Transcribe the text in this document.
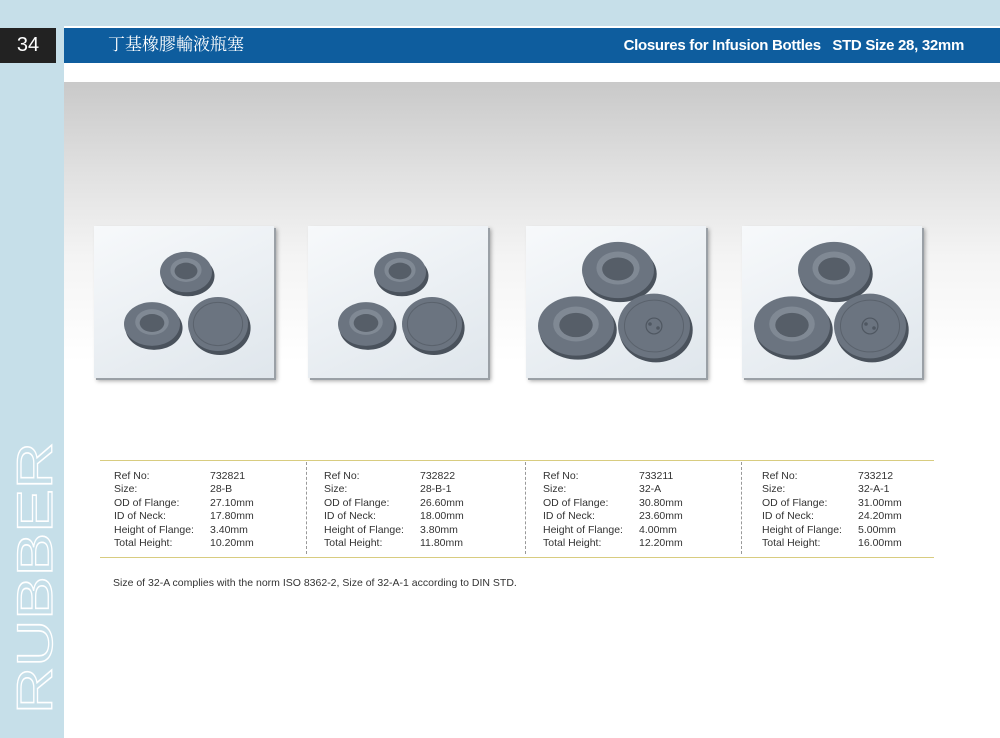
34	丁基橡膠輸液瓶塞	Closures for Infusion Bottles STD Size 28, 32mm
RUBBER
Ref No:	732821
Size:	28-B
OD of Flange:	27.10mm
ID of Neck:	17.80mm
Height of Flange: 3.40mm
Total Height:	10.20mm
Ref No:	732822
Size:	28-B-1
OD of Flange:	26.60mm
ID of Neck:	18.00mm
Height of Flange: 3.80mm
Total Height:	11.80mm
Ref No:	733211
Size:	32-A
OD of Flange:	30.80mm
ID of Neck:	23.60mm
Height of Flange: 4.00mm
Total Height:	12.20mm
Ref No:	733212
Size:	32-A-1
OD of Flange:	31.00mm
ID of Neck:	24.20mm
Height of Flange: 5.00mm
Total Height:	16.00mm
Size of 32-A complies with the norm ISO 8362-2, Size of 32-A-1 according to DIN STD.
